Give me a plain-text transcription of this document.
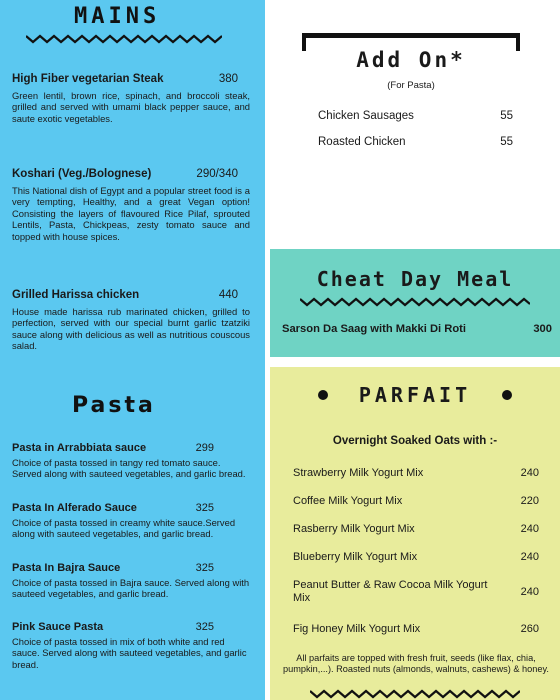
MAINS
High Fiber vegetarian Steak	380
Green lentil, brown rice, spinach, and broccoli steak, grilled and served with umami black pepper sauce, and saute exotic vegetables.
Koshari (Veg./Bolognese)	290/340
This National dish of Egypt and a popular street food is a very tempting, Healthy, and a great Vegan option! Consisting the layers of flavoured Rice Pilaf, sprouted Lentils, Pasta, Chickpeas, zesty tomato sauce and topped with house spices.
Grilled Harissa chicken	440
House made harissa rub marinated chicken, grilled to perfection, served with our special burnt garlic tzatziki sauce along with delicious as well as nutritious couscous salad.
Pasta
Pasta in Arrabbiata sauce	299
Choice of pasta tossed in tangy red tomato sauce. Served along with sauteed vegetables, and garlic bread.
Pasta In Alferado Sauce	325
Choice of pasta tossed in creamy white sauce.Served along with sauteed vegetables, and garlic bread.
Pasta In Bajra Sauce	325
Choice of pasta tossed in Bajra sauce. Served along with sauteed vegetables, and garlic bread.
Pink Sauce Pasta	325
Choice of pasta tossed in mix of both white and red sauce. Served along with sauteed vegetables, and garlic bread.
Add On*
(For Pasta)
Chicken Sausages	55
Roasted Chicken	55
Cheat Day Meal
Sarson Da Saag with Makki Di Roti	300
PARFAIT
Overnight Soaked Oats with :-
Strawberry Milk Yogurt Mix	240
Coffee Milk Yogurt Mix	220
Rasberry Milk Yogurt Mix	240
Blueberry Milk Yogurt Mix	240
Peanut Butter & Raw Cocoa Milk Yogurt Mix	240
Fig Honey Milk Yogurt Mix	260
All parfaits are topped with fresh fruit, seeds (like flax, chia, pumpkin,...). Roasted nuts (almonds, walnuts, cashews) & honey.
